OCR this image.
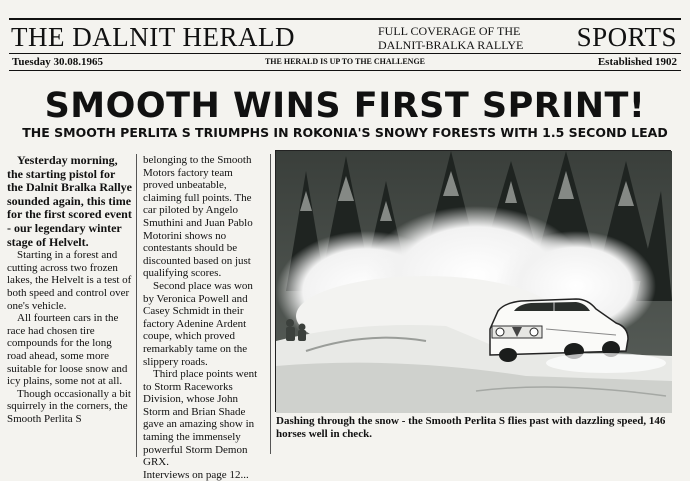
THE DALNIT HERALD	FULL COVERAGE OF THE
DALNIT-BRALKA RALLYE	SPORTS
Tuesday 30.08.1965	THE HERALD IS UP TO THE CHALLENGE	Established 1902
SMOOTH WINS FIRST SPRINT!
THE SMOOTH PERLITA S TRIUMPHS IN ROKONIA'S SNOWY FORESTS WITH 1.5 SECOND LEAD

Yesterday morning, the starting pistol for the Dalnit Bralka Rallye sounded again, this time for the first scored event - our legendary winter stage of Helvelt.

Starting in a forest and cutting across two frozen lakes, the Helvelt is a test of both speed and control over one's vehicle.

All fourteen cars in the race had chosen tire compounds for the long road ahead, some more suitable for loose snow and icy plains, some not at all.

Though occasionally a bit squirrely in the corners, the Smooth Perlita S

belonging to the Smooth Motors factory team proved unbeatable, claiming full points. The car piloted by Angelo Smuthini and Juan Pablo Motorini shows no contestants should be discounted based on just qualifying scores.

Second place was won by Veronica Powell and Casey Schmidt in their factory Adenine Ardent coupe, which proved remarkably tame on the slippery roads.

Third place points went to Storm Raceworks Division, whose John Storm and Brian Shade gave an amazing show in taming the immensely powerful Storm Demon GRX.

Interviews on page 12...

Dashing through the snow - the Smooth Perlita S flies past with dazzling speed, 146 horses well in check.
